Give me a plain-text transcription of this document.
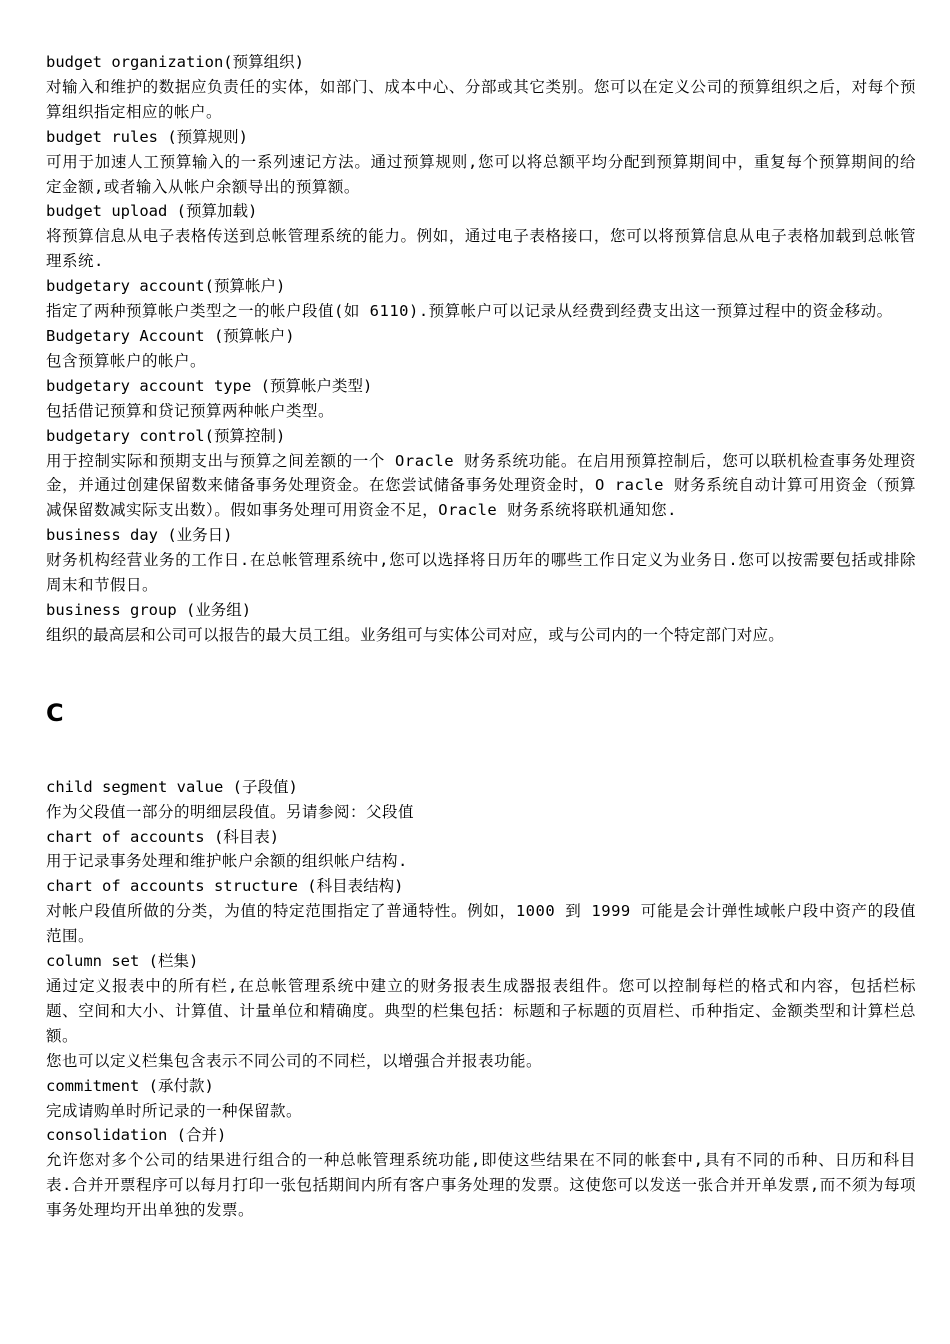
budget organization(预算组织)
对输入和维护的数据应负责任的实体，如部门、成本中心、分部或其它类别。您可以在定义公司的预算组织之后，对每个预算组织指定相应的帐户。
budget rules (预算规则)
可用于加速人工预算输入的一系列速记方法。通过预算规则,您可以将总额平均分配到预算期间中，重复每个预算期间的给定金额,或者输入从帐户余额导出的预算额。
budget upload (预算加载)
将预算信息从电子表格传送到总帐管理系统的能力。例如，通过电子表格接口，您可以将预算信息从电子表格加载到总帐管理系统.
budgetary account(预算帐户)
指定了两种预算帐户类型之一的帐户段值(如 6110).预算帐户可以记录从经费到经费支出这一预算过程中的资金移动。
Budgetary Account (预算帐户)
包含预算帐户的帐户。
budgetary account type (预算帐户类型)
包括借记预算和贷记预算两种帐户类型。
budgetary control(预算控制)
用于控制实际和预期支出与预算之间差额的一个 Oracle 财务系统功能。在启用预算控制后，您可以联机检查事务处理资金，并通过创建保留数来储备事务处理资金。在您尝试储备事务处理资金时，O racle 财务系统自动计算可用资金（预算减保留数减实际支出数）。假如事务处理可用资金不足，Oracle 财务系统将联机通知您.
business day (业务日)
财务机构经营业务的工作日.在总帐管理系统中,您可以选择将日历年的哪些工作日定义为业务日.您可以按需要包括或排除周末和节假日。
business group (业务组)
组织的最高层和公司可以报告的最大员工组。业务组可与实体公司对应，或与公司内的一个特定部门对应。
C
child segment value (子段值)
作为父段值一部分的明细层段值。另请参阅：父段值
chart of accounts (科目表)
用于记录事务处理和维护帐户余额的组织帐户结构.
chart of accounts structure (科目表结构)
对帐户段值所做的分类，为值的特定范围指定了普通特性。例如，1000 到 1999 可能是会计弹性域帐户段中资产的段值范围。
column set (栏集)
通过定义报表中的所有栏,在总帐管理系统中建立的财务报表生成器报表组件。您可以控制每栏的格式和内容，包括栏标题、空间和大小、计算值、计量单位和精确度。典型的栏集包括：标题和子标题的页眉栏、币种指定、金额类型和计算栏总额。
您也可以定义栏集包含表示不同公司的不同栏，以增强合并报表功能。
commitment (承付款)
完成请购单时所记录的一种保留款。
consolidation (合并)
允许您对多个公司的结果进行组合的一种总帐管理系统功能,即使这些结果在不同的帐套中,具有不同的币种、日历和科目表.合并开票程序可以每月打印一张包括期间内所有客户事务处理的发票。这使您可以发送一张合并开单发票,而不须为每项事务处理均开出单独的发票。
